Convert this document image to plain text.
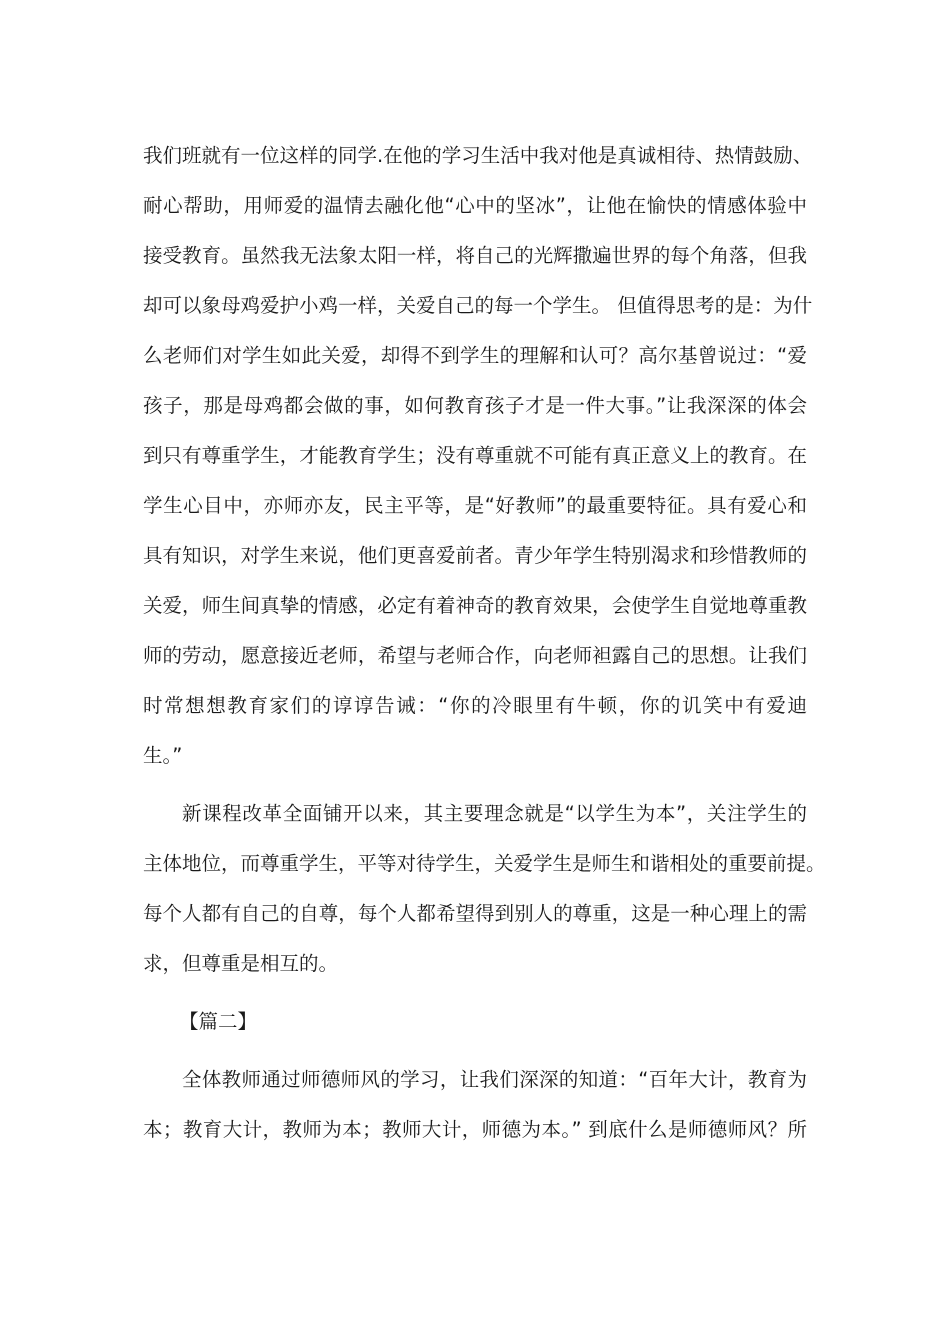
我们班就有一位这样的同学.在他的学习生活中我对他是真诚相待、热情鼓励、
耐心帮助，用师爱的温情去融化他“心中的坚冰”，让他在愉快的情感体验中
接受教育。虽然我无法象太阳一样，将自己的光辉撒遍世界的每个角落，但我
却可以象母鸡爱护小鸡一样，关爱自己的每一个学生。 但值得思考的是：为什
么老师们对学生如此关爱，却得不到学生的理解和认可？高尔基曾说过：“爱
孩子，那是母鸡都会做的事，如何教育孩子才是一件大事。”让我深深的体会
到只有尊重学生，才能教育学生；没有尊重就不可能有真正意义上的教育。在
学生心目中，亦师亦友，民主平等，是“好教师”的最重要特征。具有爱心和
具有知识，对学生来说，他们更喜爱前者。青少年学生特别渴求和珍惜教师的
关爱，师生间真挚的情感，必定有着神奇的教育效果，会使学生自觉地尊重教
师的劳动，愿意接近老师，希望与老师合作，向老师袒露自己的思想。让我们
时常想想教育家们的谆谆告诫：“你的冷眼里有牛顿，你的讥笑中有爱迪
生。”
新课程改革全面铺开以来，其主要理念就是“以学生为本”，关注学生的
主体地位，而尊重学生，平等对待学生，关爱学生是师生和谐相处的重要前提。
每个人都有自己的自尊，每个人都希望得到别人的尊重，这是一种心理上的需
求，但尊重是相互的。
【篇二】
全体教师通过师德师风的学习，让我们深深的知道：“百年大计，教育为
本；教育大计，教师为本；教师大计，师德为本。” 到底什么是师德师风？所
